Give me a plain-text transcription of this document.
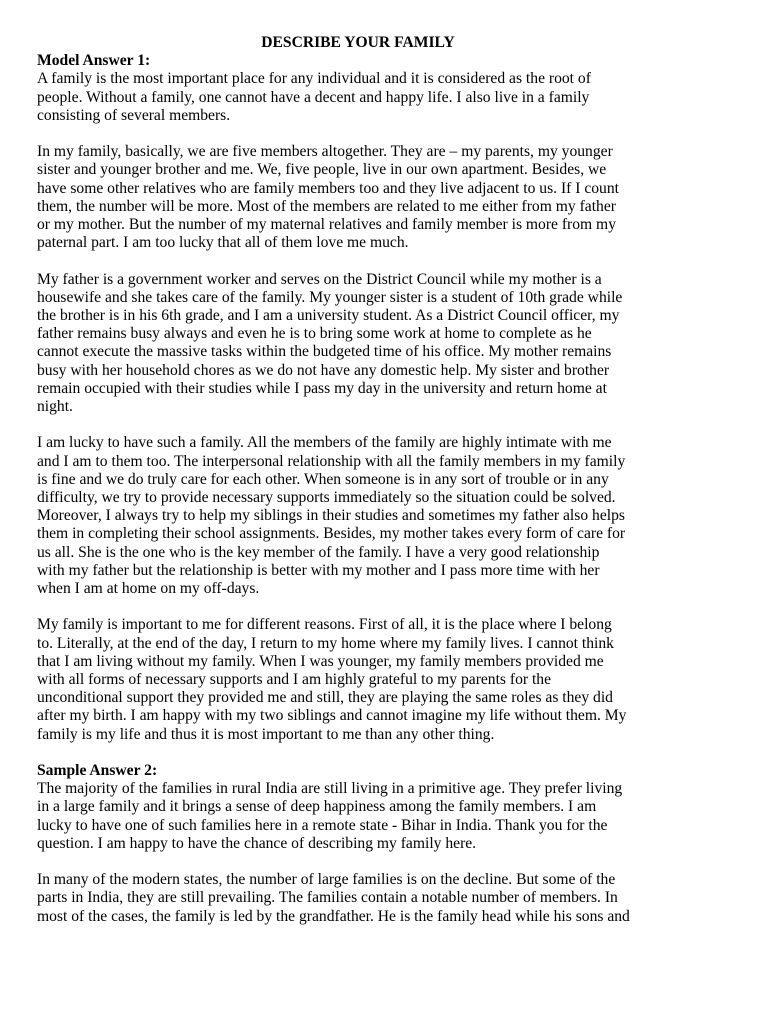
DESCRIBE YOUR FAMILY

Model Answer 1:

A family is the most important place for any individual and it is considered as the root of
people. Without a family, one cannot have a decent and happy life. I also live in a family
consisting of several members.

In my family, basically, we are five members altogether. They are – my parents, my younger
sister and younger brother and me. We, five people, live in our own apartment. Besides, we
have some other relatives who are family members too and they live adjacent to us. If I count
them, the number will be more. Most of the members are related to me either from my father
or my mother. But the number of my maternal relatives and family member is more from my
paternal part. I am too lucky that all of them love me much.

My father is a government worker and serves on the District Council while my mother is a
housewife and she takes care of the family. My younger sister is a student of 10th grade while
the brother is in his 6th grade, and I am a university student. As a District Council officer, my
father remains busy always and even he is to bring some work at home to complete as he
cannot execute the massive tasks within the budgeted time of his office. My mother remains
busy with her household chores as we do not have any domestic help. My sister and brother
remain occupied with their studies while I pass my day in the university and return home at
night.

I am lucky to have such a family. All the members of the family are highly intimate with me
and I am to them too. The interpersonal relationship with all the family members in my family
is fine and we do truly care for each other. When someone is in any sort of trouble or in any
difficulty, we try to provide necessary supports immediately so the situation could be solved.
Moreover, I always try to help my siblings in their studies and sometimes my father also helps
them in completing their school assignments. Besides, my mother takes every form of care for
us all. She is the one who is the key member of the family. I have a very good relationship
with my father but the relationship is better with my mother and I pass more time with her
when I am at home on my off-days.

My family is important to me for different reasons. First of all, it is the place where I belong
to. Literally, at the end of the day, I return to my home where my family lives. I cannot think
that I am living without my family. When I was younger, my family members provided me
with all forms of necessary supports and I am highly grateful to my parents for the
unconditional support they provided me and still, they are playing the same roles as they did
after my birth. I am happy with my two siblings and cannot imagine my life without them. My
family is my life and thus it is most important to me than any other thing.

Sample Answer 2:

The majority of the families in rural India are still living in a primitive age. They prefer living
in a large family and it brings a sense of deep happiness among the family members. I am
lucky to have one of such families here in a remote state - Bihar in India. Thank you for the
question. I am happy to have the chance of describing my family here.

In many of the modern states, the number of large families is on the decline. But some of the
parts in India, they are still prevailing. The families contain a notable number of members. In
most of the cases, the family is led by the grandfather. He is the family head while his sons and
